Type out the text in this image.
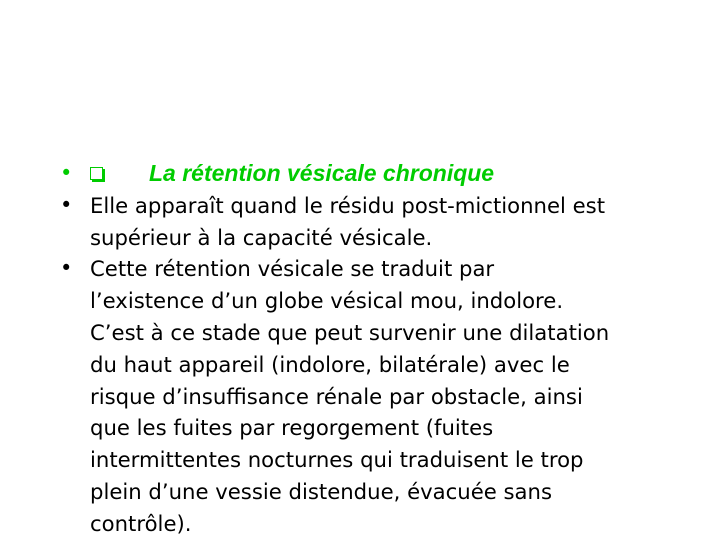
•	La rétention vésicale chronique
• Elle apparaît quand le résidu post-mictionnel est
supérieur à la capacité vésicale.
• Cette rétention vésicale se traduit par
l’existence d’un globe vésical mou, indolore.
C’est à ce stade que peut survenir une dilatation
du haut appareil (indolore, bilatérale) avec le
risque d’insuffisance rénale par obstacle, ainsi
que les fuites par regorgement (fuites
intermittentes nocturnes qui traduisent le trop
plein d’une vessie distendue, évacuée sans
contrôle).
